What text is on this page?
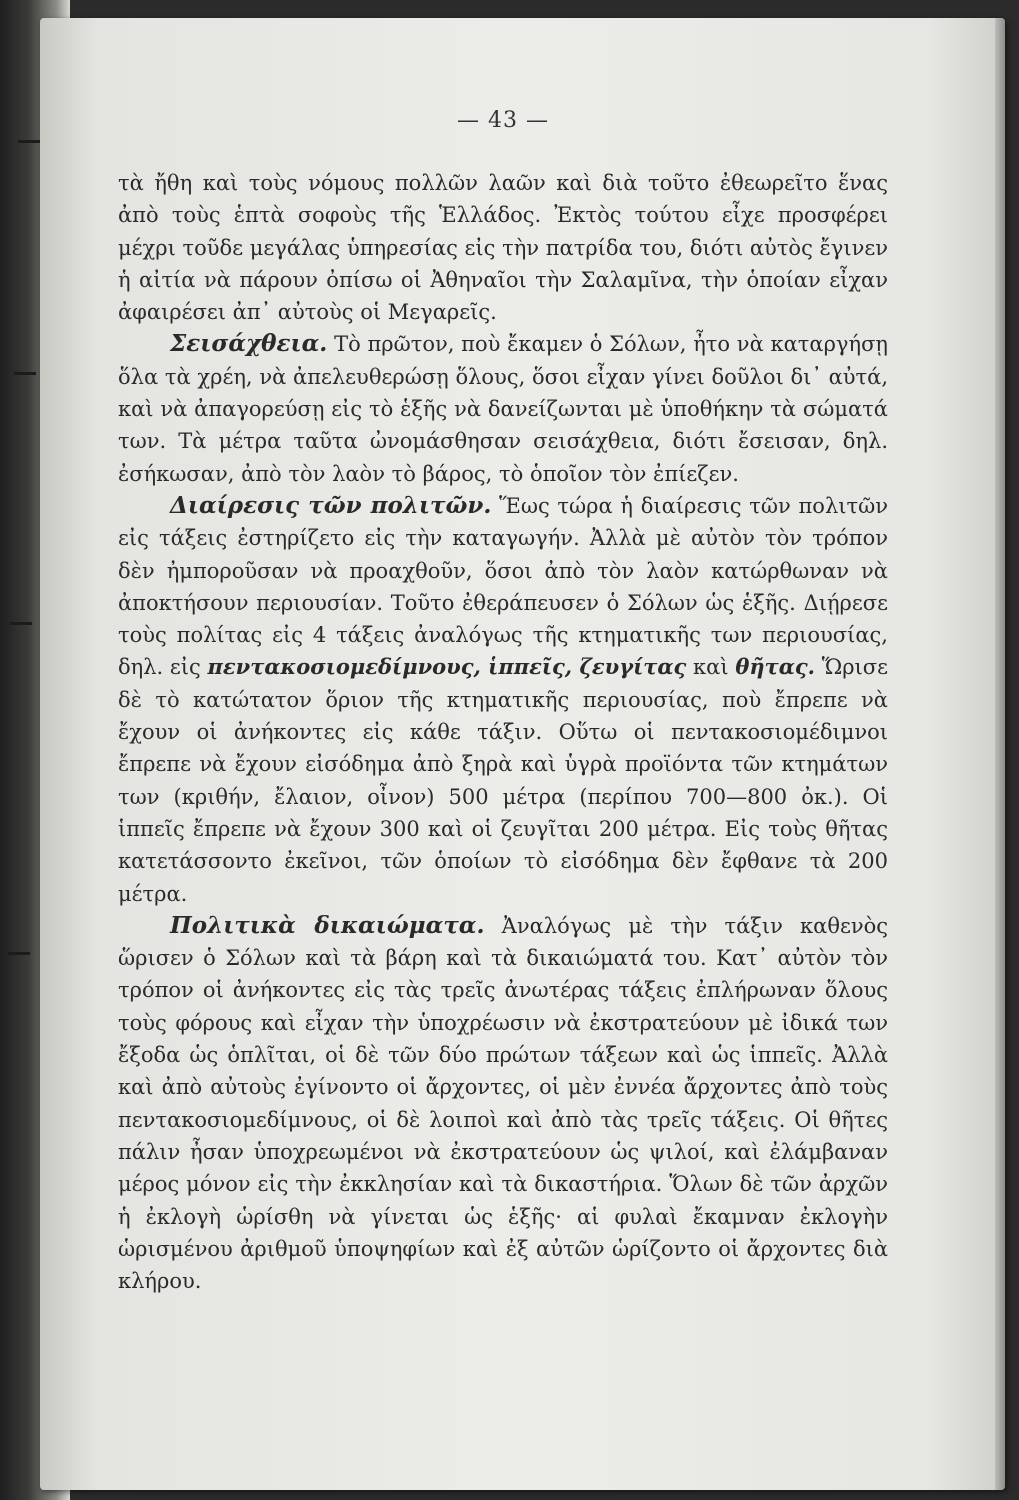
— 43 —

τὰ ἤθη καὶ τοὺς νόμους πολλῶν λαῶν καὶ διὰ τοῦτο ἐθεωρεῖτο ἕνας ἀπὸ τοὺς ἑπτὰ σοφοὺς τῆς Ἑλλάδος. Ἐκτὸς τούτου εἶχε προσφέρει μέχρι τοῦδε μεγάλας ὑπηρεσίας εἰς τὴν πατρίδα του, διότι αὐτὸς ἔγινεν ἡ αἰτία νὰ πάρουν ὀπίσω οἱ Ἀθηναῖοι τὴν Σαλαμῖνα, τὴν ὁποίαν εἶχαν ἀφαιρέσει ἀπ᾿ αὐτοὺς οἱ Μεγαρεῖς.

Σεισάχθεια. Τὸ πρῶτον, ποὺ ἔκαμεν ὁ Σόλων, ἦτο νὰ καταργήσῃ ὅλα τὰ χρέη, νὰ ἀπελευθερώσῃ ὅλους, ὅσοι εἶχαν γίνει δοῦλοι δι᾿ αὐτά, καὶ νὰ ἀπαγορεύσῃ εἰς τὸ ἑξῆς νὰ δανείζωνται μὲ ὑποθήκην τὰ σώματά των. Τὰ μέτρα ταῦτα ὠνομάσθησαν σεισάχθεια, διότι ἔσεισαν, δηλ. ἐσήκωσαν, ἀπὸ τὸν λαὸν τὸ βάρος, τὸ ὁποῖον τὸν ἐπίεζεν.

Διαίρεσις τῶν πολιτῶν. Ἕως τώρα ἡ διαίρεσις τῶν πολιτῶν εἰς τάξεις ἐστηρίζετο εἰς τὴν καταγωγήν. Ἀλλὰ μὲ αὐτὸν τὸν τρόπον δὲν ἠμποροῦσαν νὰ προαχθοῦν, ὅσοι ἀπὸ τὸν λαὸν κατώρθωναν νὰ ἀποκτήσουν περιουσίαν. Τοῦτο ἐθεράπευσεν ὁ Σόλων ὡς ἑξῆς. Διῄρεσε τοὺς πολίτας εἰς 4 τάξεις ἀναλόγως τῆς κτηματικῆς των περιουσίας, δηλ. εἰς πεντακοσιομεδίμνους, ἱππεῖς, ζευγίτας καὶ θῆτας. Ὥρισε δὲ τὸ κατώτατον ὅριον τῆς κτηματικῆς περιουσίας, ποὺ ἔπρεπε νὰ ἔχουν οἱ ἀνήκοντες εἰς κάθε τάξιν. Οὕτω οἱ πεντακοσιομέδιμνοι ἔπρεπε νὰ ἔχουν εἰσόδημα ἀπὸ ξηρὰ καὶ ὑγρὰ προϊόντα τῶν κτημάτων των (κριθήν, ἔλαιον, οἶνον) 500 μέτρα (περίπου 700—800 ὀκ.). Οἱ ἱππεῖς ἔπρεπε νὰ ἔχουν 300 καὶ οἱ ζευγῖται 200 μέτρα. Εἰς τοὺς θῆτας κατετάσσοντο ἐκεῖνοι, τῶν ὁποίων τὸ εἰσόδημα δὲν ἔφθανε τὰ 200 μέτρα.

Πολιτικὰ δικαιώματα. Ἀναλόγως μὲ τὴν τάξιν καθενὸς ὥρισεν ὁ Σόλων καὶ τὰ βάρη καὶ τὰ δικαιώματά του. Κατ᾿ αὐτὸν τὸν τρόπον οἱ ἀνήκοντες εἰς τὰς τρεῖς ἀνωτέρας τάξεις ἐπλήρωναν ὅλους τοὺς φόρους καὶ εἶχαν τὴν ὑποχρέωσιν νὰ ἐκστρατεύουν μὲ ἰδικά των ἔξοδα ὡς ὁπλῖται, οἱ δὲ τῶν δύο πρώτων τάξεων καὶ ὡς ἱππεῖς. Ἀλλὰ καὶ ἀπὸ αὐτοὺς ἐγίνοντο οἱ ἄρχοντες, οἱ μὲν ἐννέα ἄρχοντες ἀπὸ τοὺς πεντακοσιομεδίμνους, οἱ δὲ λοιποὶ καὶ ἀπὸ τὰς τρεῖς τάξεις. Οἱ θῆτες πάλιν ἦσαν ὑποχρεωμένοι νὰ ἐκστρατεύουν ὡς ψιλοί, καὶ ἐλάμβαναν μέρος μόνον εἰς τὴν ἐκκλησίαν καὶ τὰ δικαστήρια. Ὅλων δὲ τῶν ἀρχῶν ἡ ἐκλογὴ ὡρίσθη νὰ γίνεται ὡς ἑξῆς· αἱ φυλαὶ ἔκαμναν ἐκλογὴν ὡρισμένου ἀριθμοῦ ὑποψηφίων καὶ ἐξ αὐτῶν ὡρίζοντο οἱ ἄρχοντες διὰ κλήρου.
